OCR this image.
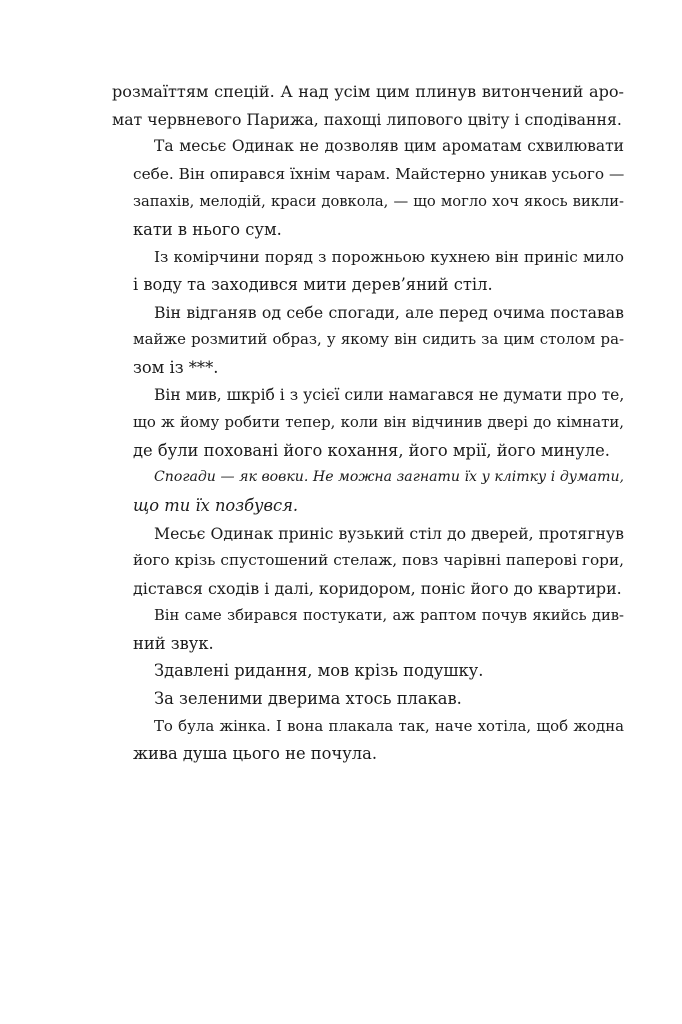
розмаїттям спецій. А над усім цим плинув витончений аро-
мат червневого Парижа, пахощі липового цвіту і сподівання.

Та месьє Одинак не дозволяв цим ароматам схвилювати
себе. Він опирався їхнім чарам. Майстерно уникав усього —
запахів, мелодій, краси довкола, — що могло хоч якось викли-
кати в нього сум.

Із комірчини поряд з порожньою кухнею він приніс мило
і воду та заходився мити дерев’яний стіл.

Він відганяв од себе спогади, але перед очима поставав
майже розмитий образ, у якому він сидить за цим столом ра-
зом із ***.

Він мив, шкріб і з усієї сили намагався не думати про те,
що ж йому робити тепер, коли він відчинив двері до кімнати,
де були поховані його кохання, його мрії, його минуле.

Спогади — як вовки. Не можна загнати їх у клітку і думати,
що ти їх позбувся.

Месьє Одинак приніс вузький стіл до дверей, протягнув
його крізь спустошений стелаж, повз чарівні паперові гори,
дістався сходів і далі, коридором, поніс його до квартири.

Він саме збирався постукати, аж раптом почув якийсь див-
ний звук.

Здавлені ридання, мов крізь подушку.

За зеленими дверима хтось плакав.

То була жінка. І вона плакала так, наче хотіла, щоб жодна
жива душа цього не почула.
